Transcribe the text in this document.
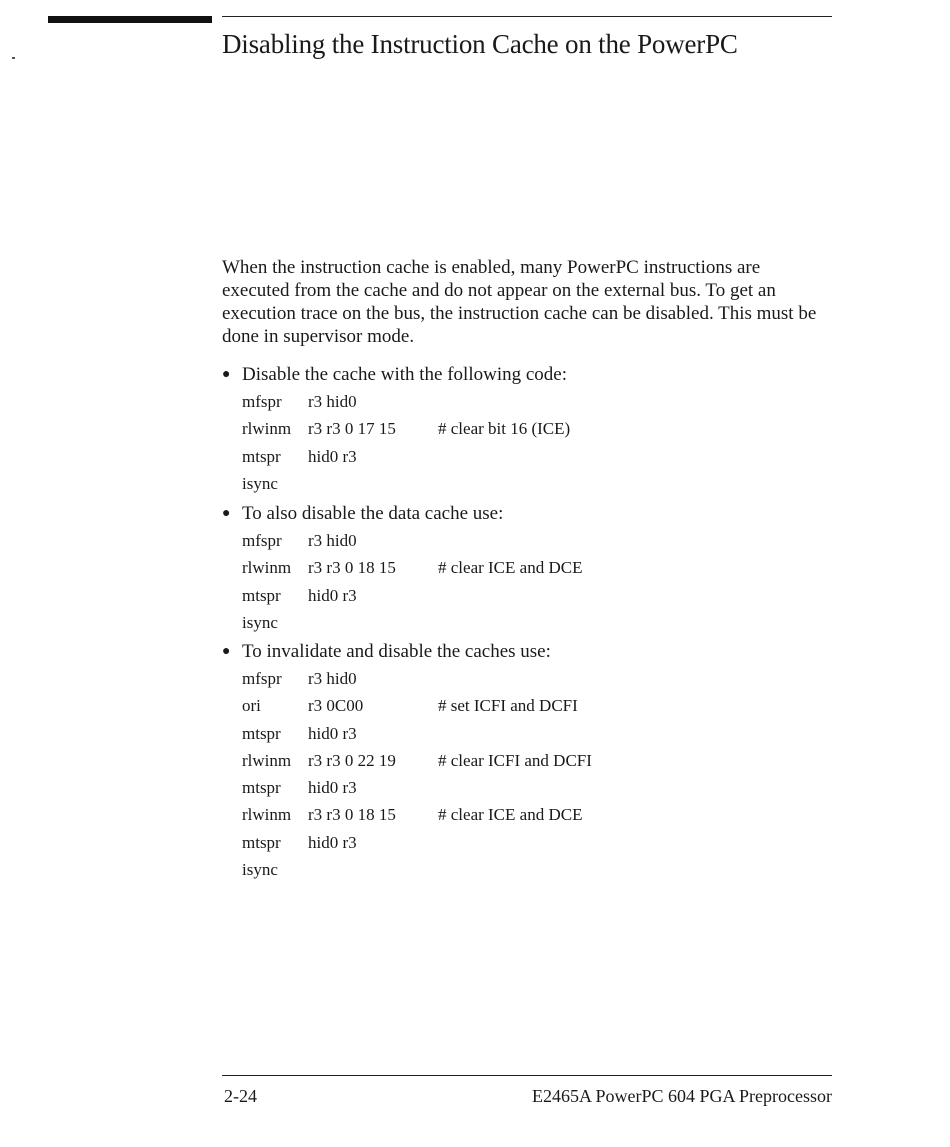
Disabling the Instruction Cache on the PowerPC

When the instruction cache is enabled, many PowerPC instructions are executed from the cache and do not appear on the external bus. To get an execution trace on the bus, the instruction cache can be disabled. This must be done in supervisor mode.

● Disable the cache with the following code:
mfspr r3 hid0
rlwinm r3 r3 0 17 15 # clear bit 16 (ICE)
mtspr hid0 r3
isync
● To also disable the data cache use:
mfspr r3 hid0
rlwinm r3 r3 0 18 15 # clear ICE and DCE
mtspr hid0 r3
isync
● To invalidate and disable the caches use:
mfspr r3 hid0
ori	r3 0C00	# set ICFI and DCFI
mtspr hid0 r3
rlwinm r3 r3 0 22 19 # clear ICFI and DCFI
mtspr hid0 r3
rlwinm r3 r3 0 18 15 # clear ICE and DCE
mtspr hid0 r3
isync
2-24	E2465A PowerPC 604 PGA Preprocessor
